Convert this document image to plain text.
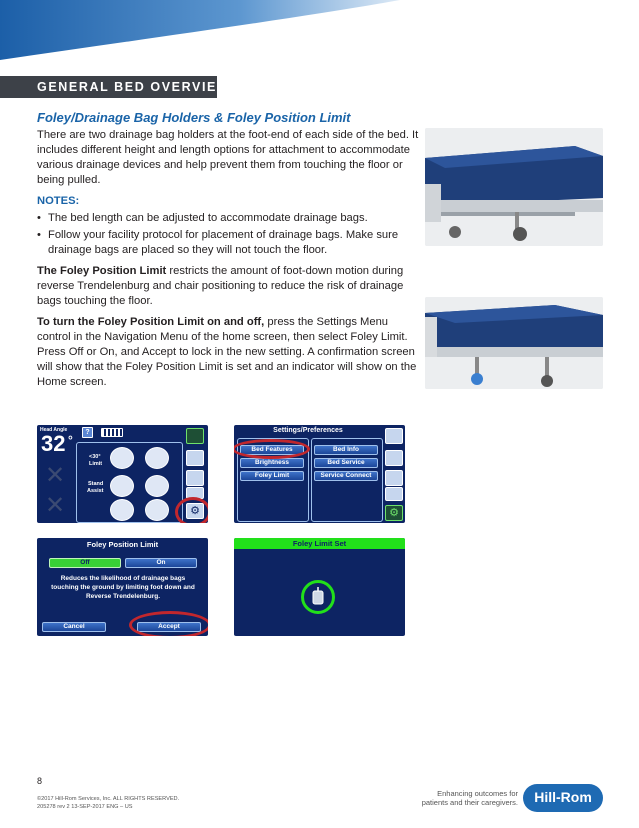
GENERAL BED OVERVIEW
Foley/Drainage Bag Holders & Foley Position Limit

There are two drainage bag holders at the foot-end of each side of the bed. It includes different height and length options for attachment to accommodate various drainage devices and help prevent them from touching the floor or being pulled.

NOTES:
• The bed length can be adjusted to accommodate drainage bags.
• Follow your facility protocol for placement of drainage bags. Make sure drainage bags are placed so they will not touch the floor.

The Foley Position Limit restricts the amount of foot-down motion during reverse Trendelenburg and chair positioning to reduce the risk of drainage bags touching the floor.

To turn the Foley Position Limit on and off, press the Settings Menu control in the Navigation Menu of the home screen, then select Foley Limit. Press Off or On, and Accept to lock in the new setting. A confirmation screen will show that the Foley Position Limit is set and an indicator will show on the Home screen.

Head Angle
32 °
?
✕
✕
<30°
Limit
Stand
Assist
⚙
Settings/Preferences
Bed Features
Brightness
Foley Limit
Bed Info
Bed Service
Service Connect
⚙
Foley Position Limit
Off	On
Reduces the likelihood of drainage bags touching the ground by limiting foot down and Reverse Trendelenburg.
Cancel	Accept
Foley Limit Set
8
©2017 Hill-Rom Services, Inc. ALL RIGHTS RESERVED.
205278 rev 2 13-SEP-2017 ENG – US
Enhancing outcomes for
patients and their caregivers.	Hill-Rom
